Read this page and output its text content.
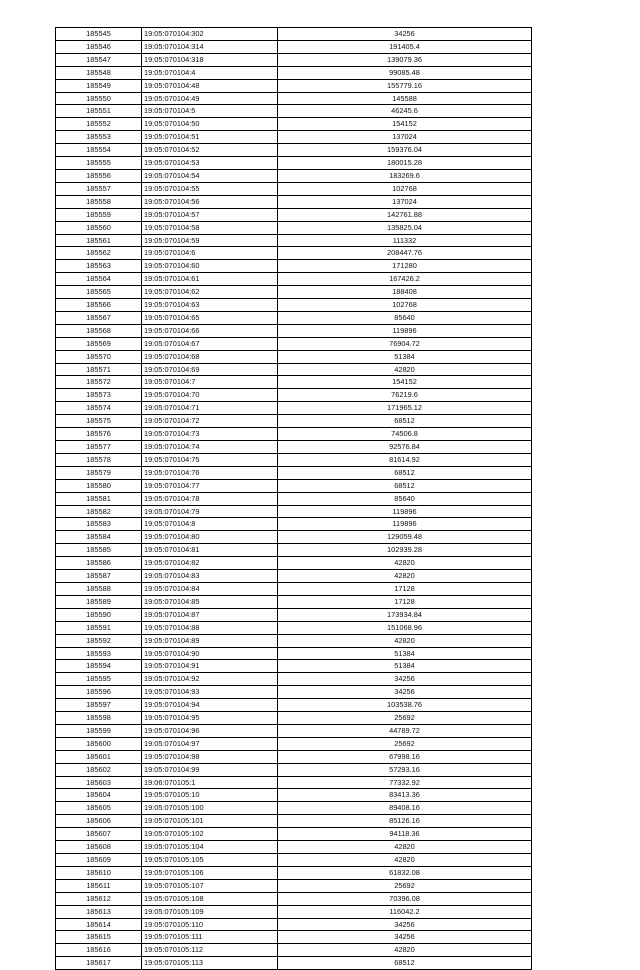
185545	19:05:070104:302	34256
185546	19:05:070104:314	191405.4
185547	19:05:070104:318	139079.36
185548	19:05:070104:4	99085.48
185549	19:05:070104:48	155779.16
185550	19:05:070104:49	145588
185551	19:05:070104:5	46245.6
185552	19:05:070104:50	154152
185553	19:05:070104:51	137024
185554	19:05:070104:52	159376.04
185555	19:05:070104:53	180015.28
185556	19:05:070104:54	183269.6
185557	19:05:070104:55	102768
185558	19:05:070104:56	137024
185559	19:05:070104:57	142761.88
185560	19:05:070104:58	135825.04
185561	19:05:070104:59	111332
185562	19:05:070104:6	208447.76
185563	19:05:070104:60	171280
185564	19:05:070104:61	167426.2
185565	19:05:070104:62	188408
185566	19:05:070104:63	102768
185567	19:05:070104:65	85640
185568	19:05:070104:66	119896
185569	19:05:070104:67	76904.72
185570	19:05:070104:68	51384
185571	19:05:070104:69	42820
185572	19:05:070104:7	154152
185573	19:05:070104:70	76219.6
185574	19:05:070104:71	171965.12
185575	19:05:070104:72	68512
185576	19:05:070104:73	74506.8
185577	19:05:070104:74	92576.84
185578	19:05:070104:75	81614.92
185579	19:05:070104:76	68512
185580	19:05:070104:77	68512
185581	19:05:070104:78	85640
185582	19:05:070104:79	119896
185583	19:05:070104:8	119896
185584	19:05:070104:80	129059.48
185585	19:05:070104:81	102939.28
185586	19:05:070104:82	42820
185587	19:05:070104:83	42820
185588	19:05:070104:84	17128
185589	19:05:070104:85	17128
185590	19:05:070104:87	173934.84
185591	19:05:070104:88	151068.96
185592	19:05:070104:89	42820
185593	19:05:070104:90	51384
185594	19:05:070104:91	51384
185595	19:05:070104:92	34256
185596	19:05:070104:93	34256
185597	19:05:070104:94	103538.76
185598	19:05:070104:95	25692
185599	19:05:070104:96	44789.72
185600	19:05:070104:97	25692
185601	19:05:070104:98	67998.16
185602	19:05:070104:99	57293.16
185603	19:06:070105:1	77332.92
185604	19:05:070105:10	83413.36
185605	19:05:070105:100	89408.16
185606	19:05:070105:101	85126.16
185607	19:05:070105:102	94118.36
185608	19:05:070105:104	42820
185609	19:05:070105:105	42820
185610	19:05:070105:106	61832.08
185611	19:05:070105:107	25692
185612	19:05:070105:108	70396.08
185613	19:05:070105:109	116042.2
185614	19:05:070105:110	34256
185615	19:05:070105:111	34256
185616	19:05:070105:112	42820
185617	19:05:070105:113	68512
